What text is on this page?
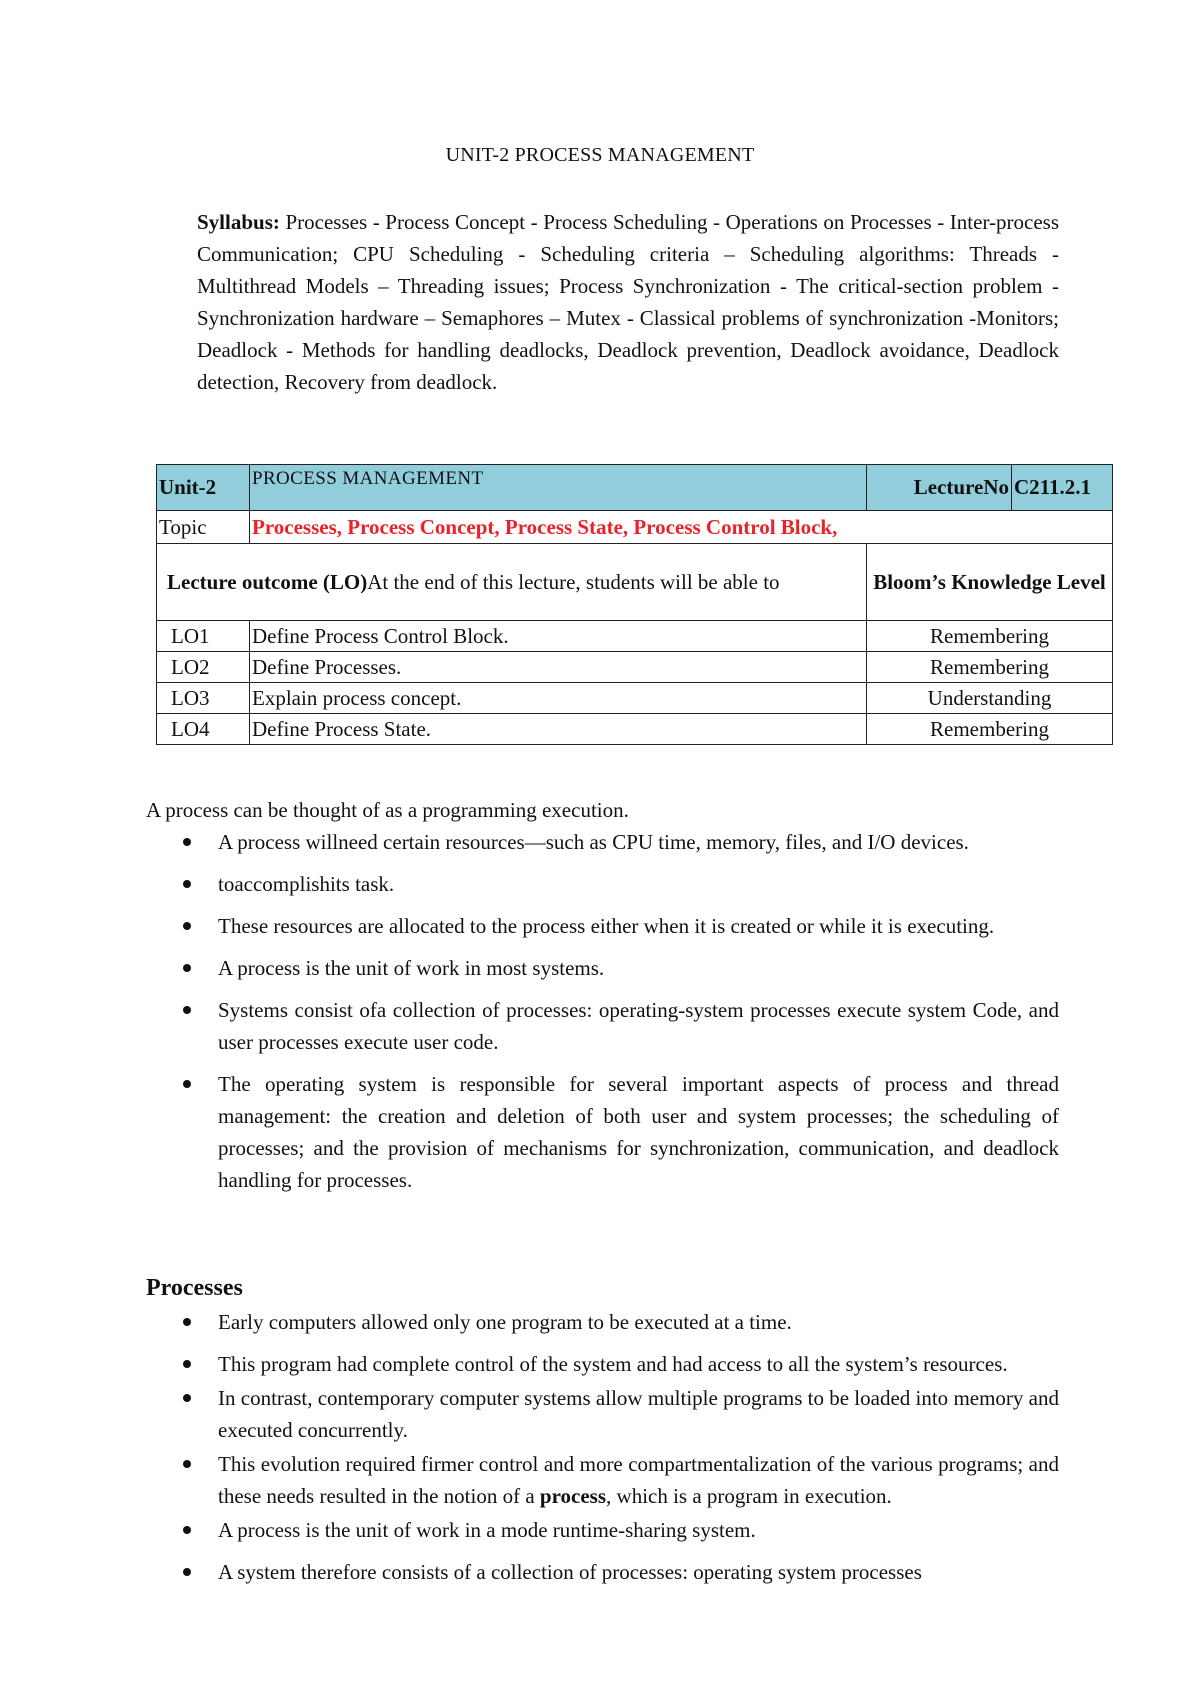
UNIT-2 PROCESS MANAGEMENT
Syllabus: Processes - Process Concept - Process Scheduling - Operations on Processes - Inter-process Communication; CPU Scheduling - Scheduling criteria – Scheduling algorithms: Threads -Multithread Models – Threading issues; Process Synchronization - The critical-section problem -Synchronization hardware – Semaphores – Mutex - Classical problems of synchronization -Monitors; Deadlock - Methods for handling deadlocks, Deadlock prevention, Deadlock avoidance, Deadlock detection, Recovery from deadlock.
Unit-2	PROCESS MANAGEMENT	LectureNo	C211.2.1
Topic	Processes, Process Concept, Process State, Process Control Block,		
Lecture outcome (LO)At the end of this lecture, students will be able to		Bloom’s Knowledge Level	
LO1	Define Process Control Block.	Remembering	
LO2	Define Processes.	Remembering	
LO3	Explain process concept.	Understanding	
LO4	Define Process State.	Remembering	
A process can be thought of as a programming execution.
A process willneed certain resources—such as CPU time, memory, files, and I/O devices.
toaccomplishits task.
These resources are allocated to the process either when it is created or while it is executing.
A process is the unit of work in most systems.
Systems consist ofa collection of processes: operating-system processes execute system Code, and user processes execute user code.
The operating system is responsible for several important aspects of process and thread management: the creation and deletion of both user and system processes; the scheduling of processes; and the provision of mechanisms for synchronization, communication, and deadlock handling for processes.
Processes
Early computers allowed only one program to be executed at a time.
This program had complete control of the system and had access to all the system’s resources.
In contrast, contemporary computer systems allow multiple programs to be loaded into memory and executed concurrently.
This evolution required firmer control and more compartmentalization of the various programs; and these needs resulted in the notion of a process, which is a program in execution.
A process is the unit of work in a mode runtime-sharing system.
A system therefore consists of a collection of processes: operating system processes
